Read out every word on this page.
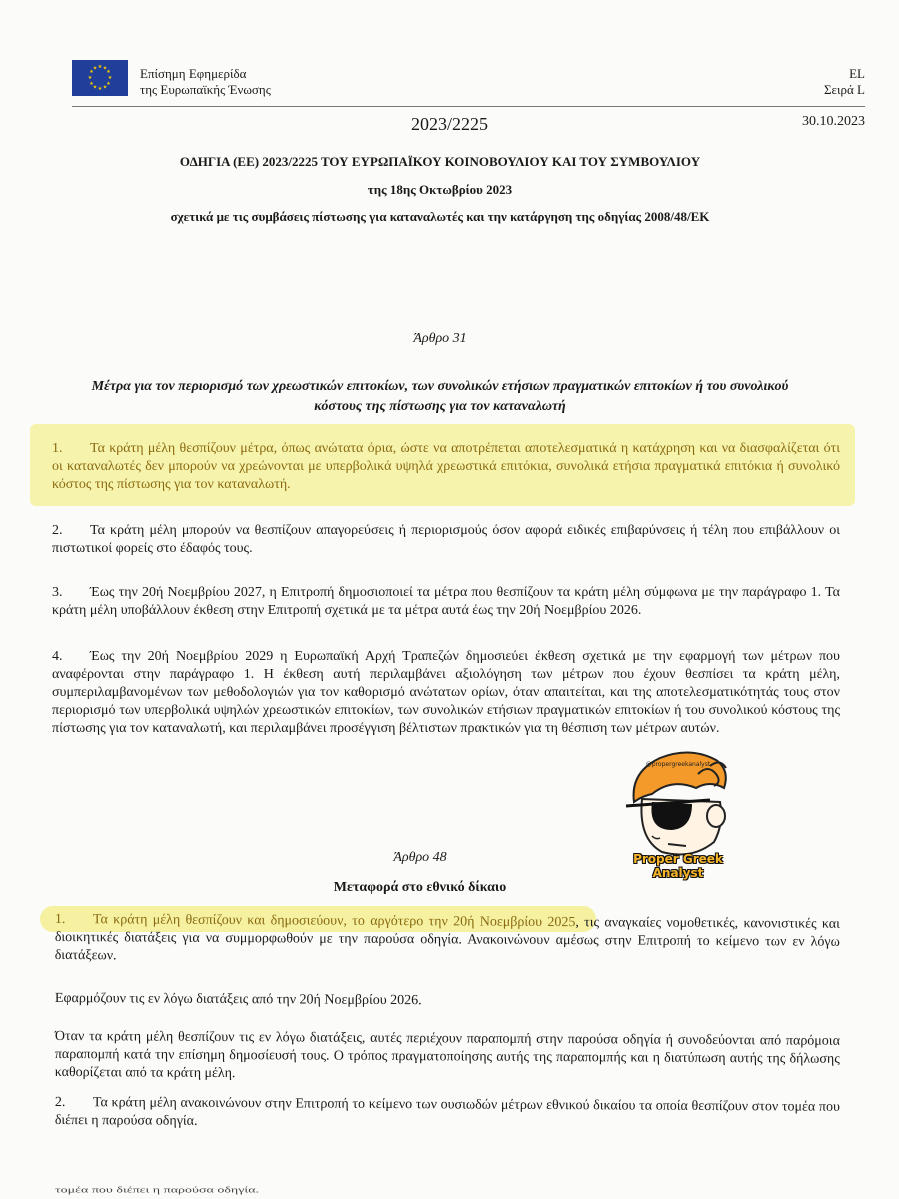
★ ★
★
★
★
★
★
★
★
★
★
★	Επίσημη Εφημερίδα
της Ευρωπαϊκής Ένωσης
EL
Σειρά L
2023/2225	30.10.2023
ΟΔΗΓΙΑ (ΕΕ) 2023/2225 ΤΟΥ ΕΥΡΩΠΑΪΚΟΥ ΚΟΙΝΟΒΟΥΛΙΟΥ ΚΑΙ ΤΟΥ ΣΥΜΒΟΥΛΙΟΥ
της 18ης Οκτωβρίου 2023
σχετικά με τις συμβάσεις πίστωσης για καταναλωτές και την κατάργηση της οδηγίας 2008/48/ΕΚ
Άρθρο 31
Μέτρα για τον περιορισμό των χρεωστικών επιτοκίων, των συνολικών ετήσιων πραγματικών επιτοκίων ή του συνολικού
κόστους της πίστωσης για τον καταναλωτή
1. Τα κράτη μέλη θεσπίζουν μέτρα, όπως ανώτατα όρια, ώστε να αποτρέπεται αποτελεσματικά η κατάχρηση και να διασφαλίζεται ότι οι καταναλωτές δεν μπορούν να χρεώνονται με υπερβολικά υψηλά χρεωστικά επιτόκια, συνολικά ετήσια πραγματικά επιτόκια ή συνολικό κόστος της πίστωσης για τον καταναλωτή.
2. Τα κράτη μέλη μπορούν να θεσπίζουν απαγορεύσεις ή περιορισμούς όσον αφορά ειδικές επιβαρύνσεις ή τέλη που επιβάλλουν οι πιστωτικοί φορείς στο έδαφός τους.
3. Έως την 20ή Νοεμβρίου 2027, η Επιτροπή δημοσιοποιεί τα μέτρα που θεσπίζουν τα κράτη μέλη σύμφωνα με την παράγραφο 1. Τα κράτη μέλη υποβάλλουν έκθεση στην Επιτροπή σχετικά με τα μέτρα αυτά έως την 20ή Νοεμβρίου 2026.
4. Έως την 20ή Νοεμβρίου 2029 η Ευρωπαϊκή Αρχή Τραπεζών δημοσιεύει έκθεση σχετικά με την εφαρμογή των μέτρων που αναφέρονται στην παράγραφο 1. Η έκθεση αυτή περιλαμβάνει αξιολόγηση των μέτρων που έχουν θεσπίσει τα κράτη μέλη, συμπεριλαμβανομένων των μεθοδολογιών για τον καθορισμό ανώτατων ορίων, όταν απαιτείται, και της αποτελεσματικότητάς τους στον περιορισμό των υπερβολικά υψηλών χρεωστικών επιτοκίων, των συνολικών ετήσιων πραγματικών επιτοκίων ή του συνολικού κόστους της πίστωσης για τον καταναλωτή, και περιλαμβάνει προσέγγιση βέλτιστων πρακτικών για τη θέσπιση των μέτρων αυτών.
@propergreekanalyst
Proper Greek Analyst
Άρθρο 48
Μεταφορά στο εθνικό δίκαιο
1. Τα κράτη μέλη θεσπίζουν και δημοσιεύουν, το αργότερο την 20ή Νοεμβρίου 2025, τις αναγκαίες νομοθετικές, κανονιστικές και διοικητικές διατάξεις για να συμμορφωθούν με την παρούσα οδηγία. Ανακοινώνουν αμέσως στην Επιτροπή το κείμενο των εν λόγω διατάξεων.
Εφαρμόζουν τις εν λόγω διατάξεις από την 20ή Νοεμβρίου 2026.
Όταν τα κράτη μέλη θεσπίζουν τις εν λόγω διατάξεις, αυτές περιέχουν παραπομπή στην παρούσα οδηγία ή συνοδεύονται από παρόμοια παραπομπή κατά την επίσημη δημοσίευσή τους. Ο τρόπος πραγματοποίησης αυτής της παραπομπής και η διατύπωση αυτής της δήλωσης καθορίζεται από τα κράτη μέλη.
2. Τα κράτη μέλη ανακοινώνουν στην Επιτροπή το κείμενο των ουσιωδών μέτρων εθνικού δικαίου τα οποία θεσπίζουν στον τομέα που διέπει η παρούσα οδηγία.
τομέα που διέπει η παρούσα οδηγία.
